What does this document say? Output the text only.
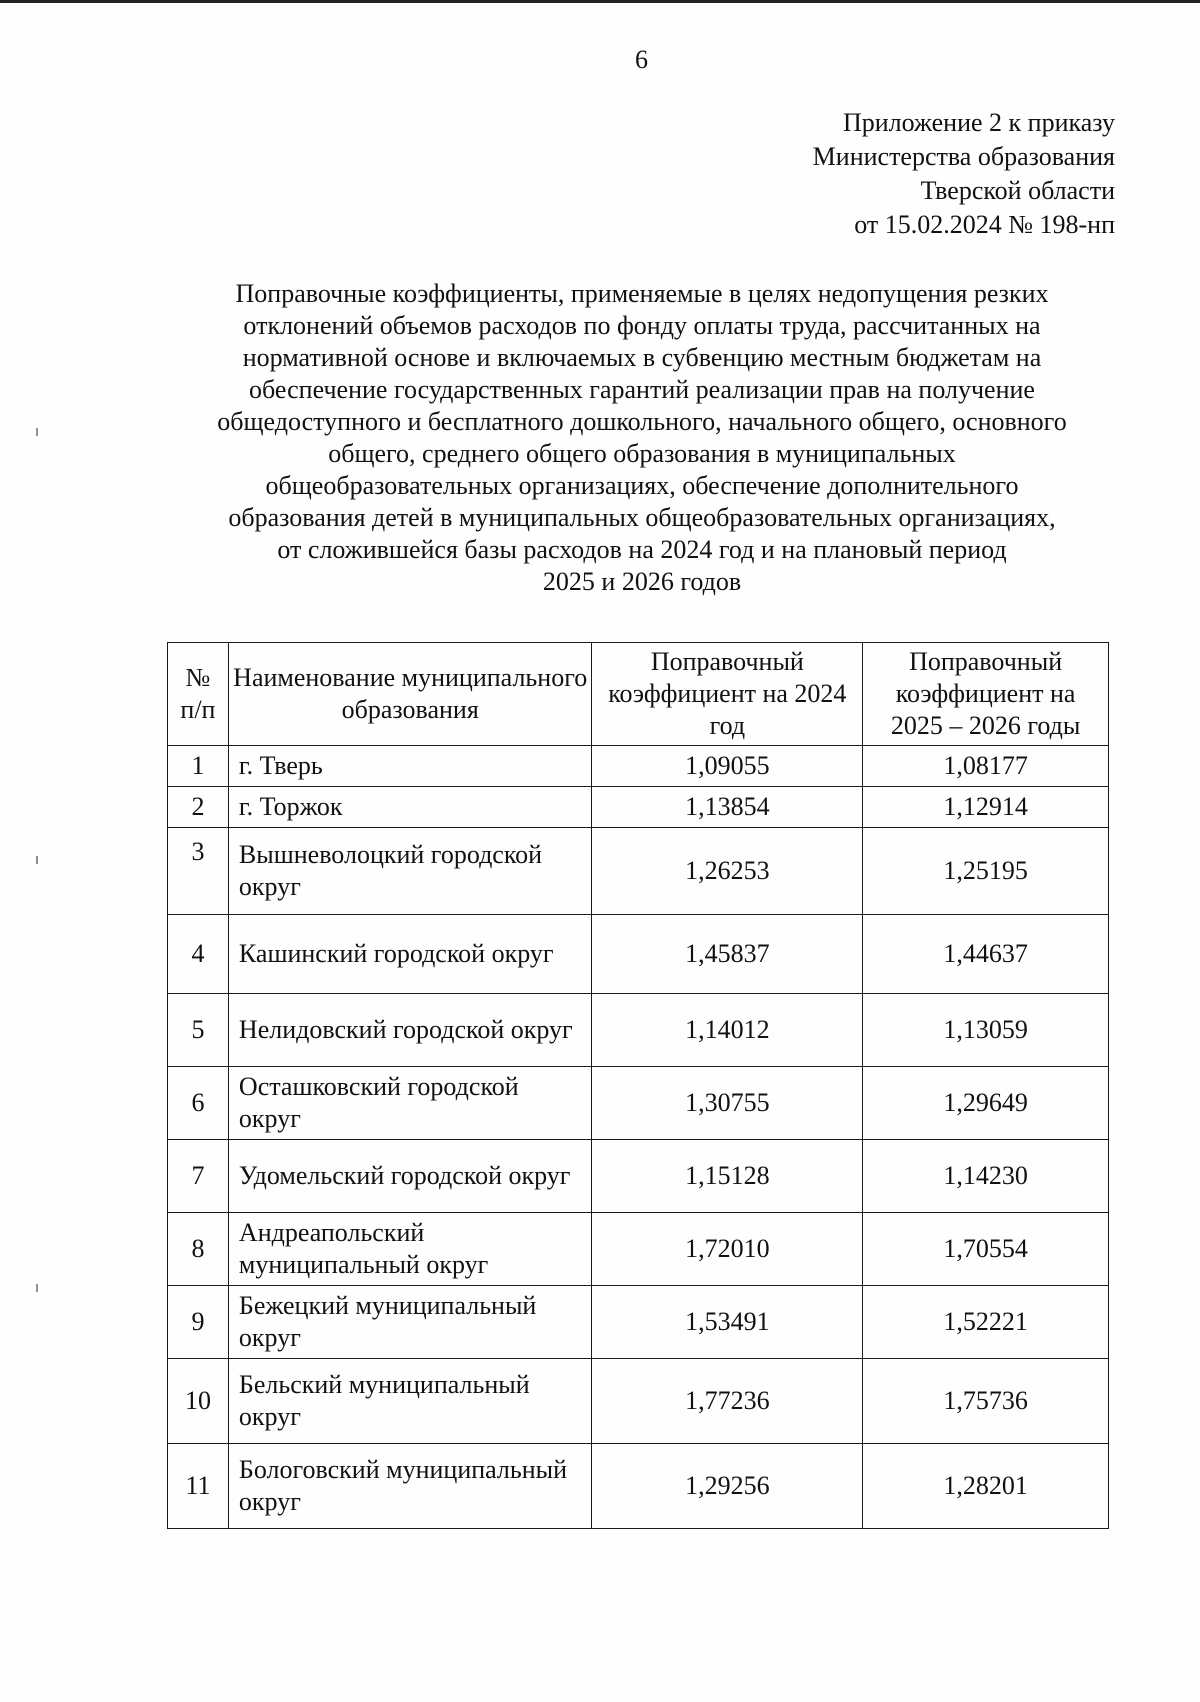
6
Приложение 2 к приказу
Министерства образования
Тверской области
от 15.02.2024 № 198-нп
Поправочные коэффициенты, применяемые в целях недопущения резких
отклонений объемов расходов по фонду оплаты труда, рассчитанных на
нормативной основе и включаемых в субвенцию местным бюджетам на
обеспечение государственных гарантий реализации прав на получение
общедоступного и бесплатного дошкольного, начального общего, основного
общего, среднего общего образования в муниципальных
общеобразовательных организациях, обеспечение дополнительного
образования детей в муниципальных общеобразовательных организациях,
от сложившейся базы расходов на 2024 год и на плановый период
2025 и 2026 годов
№
п/п	Наименование муниципального образования	Поправочный коэффициент на 2024 год	Поправочный коэффициент на 2025 – 2026 годы
1	г. Тверь	1,09055	1,08177
2	г. Торжок	1,13854	1,12914
3	Вышневолоцкий городской округ	1,26253	1,25195
4	Кашинский городской округ	1,45837	1,44637
5	Нелидовский городской округ	1,14012	1,13059
6	Осташковский городской округ	1,30755	1,29649
7	Удомельский городской округ	1,15128	1,14230
8	Андреапольский муниципальный округ	1,72010	1,70554
9	Бежецкий муниципальный округ	1,53491	1,52221
10	Бельский муниципальный округ	1,77236	1,75736
11	Бологовский муниципальный округ	1,29256	1,28201
